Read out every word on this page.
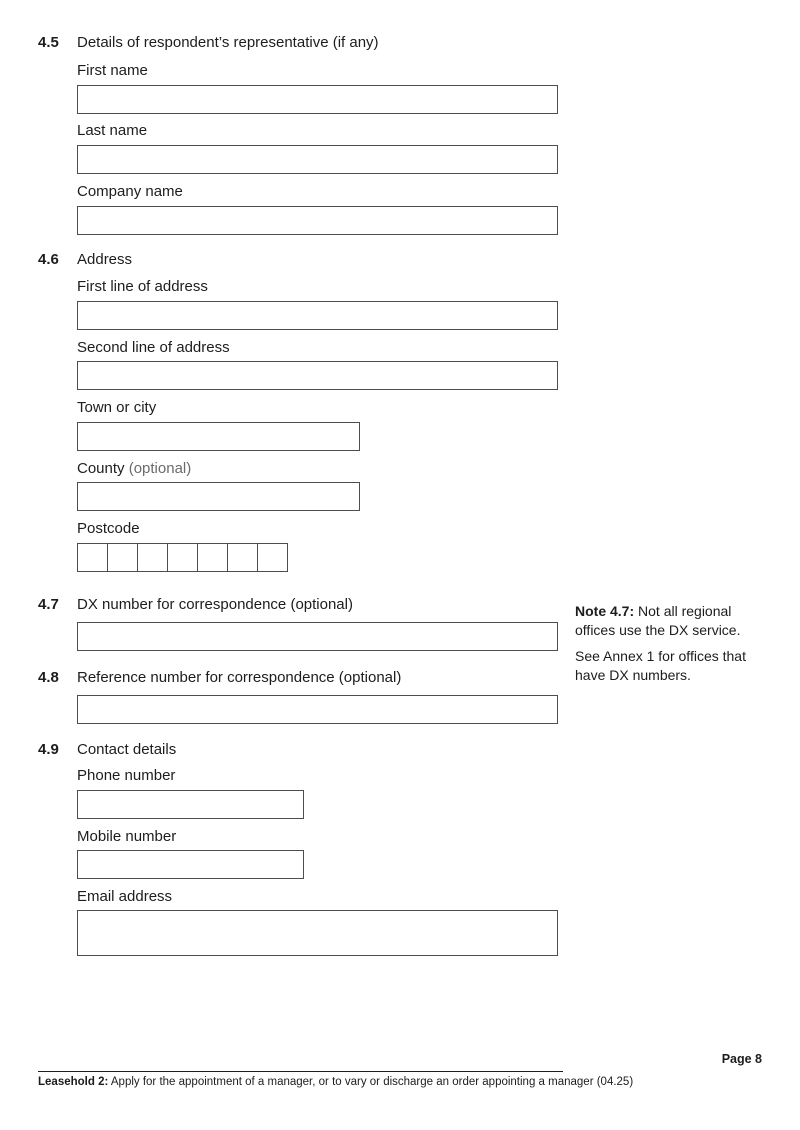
4.5 Details of respondent’s representative (if any)
First name
Last name
Company name
4.6 Address
First line of address
Second line of address
Town or city
County (optional)
Postcode
4.7 DX number for correspondence (optional)	Note 4.7: Not all regional offices use the DX service.

See Annex 1 for offices that have DX numbers.

4.8 Reference number for correspondence (optional)
4.9 Contact details
Phone number
Mobile number
Email address
Page 8
Leasehold 2: Apply for the appointment of a manager, or to vary or discharge an order appointing a manager (04.25)
